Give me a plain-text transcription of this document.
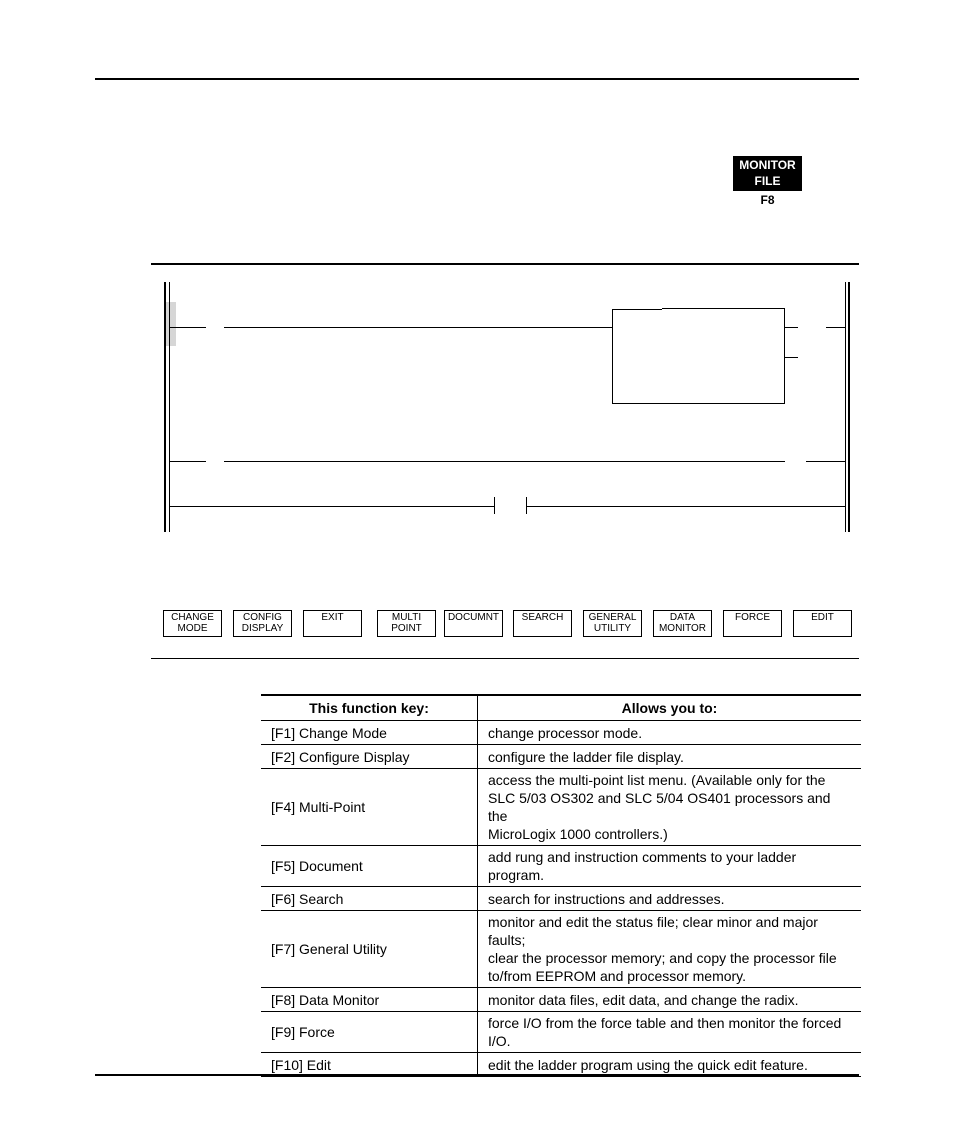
MONITOR
FILE
F8
CHANGE
MODE
CONFIG
DISPLAY
EXIT	MULTI
POINT
DOCUMNT	SEARCH	GENERAL
UTILITY
DATA
MONITOR
FORCE	EDIT
This function key:	Allows you to:
[F1] Change Mode	change processor mode.
[F2] Configure Display	configure the ladder file display.
[F4] Multi-Point	access the multi-point list menu. (Available only for the
SLC 5/03 OS302 and SLC 5/04 OS401 processors and the
MicroLogix 1000 controllers.)

[F5] Document	add rung and instruction comments to your ladder program.
[F6] Search	search for instructions and addresses.
[F7] General Utility	monitor and edit the status file; clear minor and major faults;
clear the processor memory; and copy the processor file
to/from EEPROM and processor memory.

[F8] Data Monitor	monitor data files, edit data, and change the radix.
[F9] Force	force I/O from the force table and then monitor the forced I/O.
[F10] Edit	edit the ladder program using the quick edit feature.
